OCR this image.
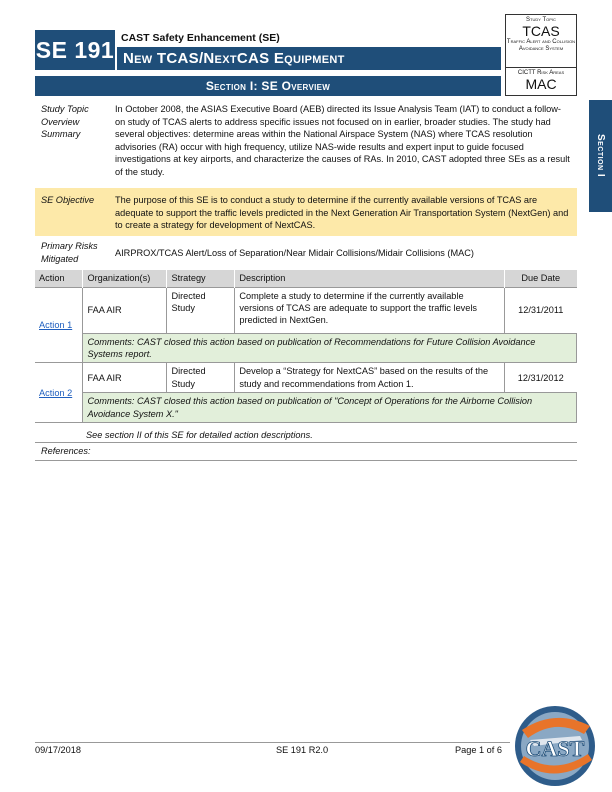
SE 191 CAST Safety Enhancement (SE)
New TCAS/NextCAS Equipment
Section I: SE Overview
Study Topic
TCAS
Traffic Alert and Collision Avoidance System
CICTT Risk Areas
MAC
Section I
Study Topic Overview Summary
In October 2008, the ASIAS Executive Board (AEB) directed its Issue Analysis Team (IAT) to conduct a follow-on study of TCAS alerts to address specific issues not focused on in earlier, broader studies. The study had several objectives: determine areas within the National Airspace System (NAS) where TCAS resolution advisories (RA) occur with high frequency, utilize NAS-wide results and expert input to guide focused investigations at key airports, and characterize the causes of RAs. In 2010, CAST adopted three SEs as a result of the study.
SE Objective	The purpose of this SE is to conduct a study to determine if the currently available versions of TCAS are adequate to support the traffic levels predicted in the Next Generation Air Transportation System (NextGen) and to create a strategy for development of NextCAS.
Primary Risks Mitigated
AIRPROX/TCAS Alert/Loss of Separation/Near Midair Collisions/Midair Collisions (MAC)
Action	Organization(s)	Strategy	Description	Due Date
Action 1	FAA AIR	Directed Study	Complete a study to determine if the currently available versions of TCAS are adequate to support the traffic levels predicted in NextGen.	12/31/2011
	Comments: CAST closed this action based on publication of Recommendations for Future Collision Avoidance Systems report.			
Action 2	FAA AIR	Directed Study	Develop a “Strategy for NextCAS” based on the results of the study and recommendations from Action 1.	12/31/2012
	Comments: CAST closed this action based on publication of "Concept of Operations for the Airborne Collision Avoidance System X."			
See section II of this SE for detailed action descriptions.
References:
09/17/2018	SE 191 R2.0	Page 1 of 6 CAST
